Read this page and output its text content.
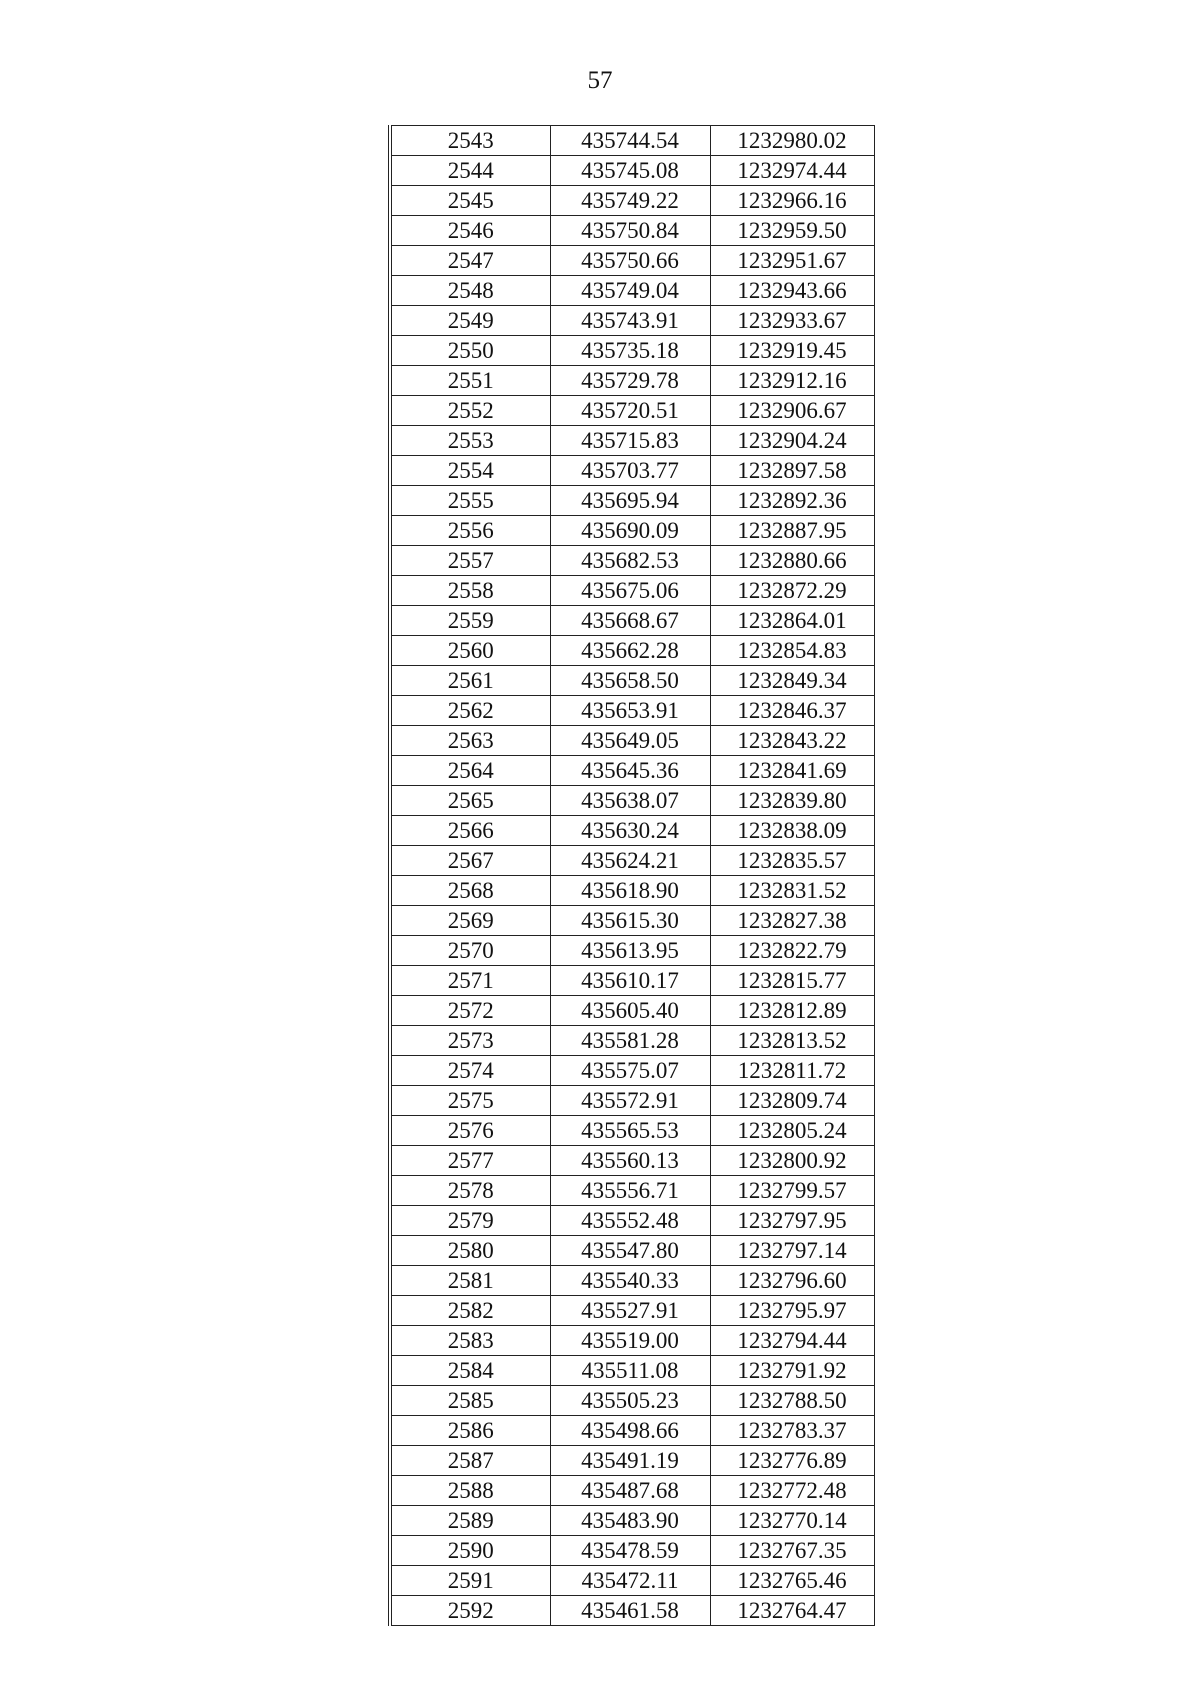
57
2543	435744.54	1232980.02
2544	435745.08	1232974.44
2545	435749.22	1232966.16
2546	435750.84	1232959.50
2547	435750.66	1232951.67
2548	435749.04	1232943.66
2549	435743.91	1232933.67
2550	435735.18	1232919.45
2551	435729.78	1232912.16
2552	435720.51	1232906.67
2553	435715.83	1232904.24
2554	435703.77	1232897.58
2555	435695.94	1232892.36
2556	435690.09	1232887.95
2557	435682.53	1232880.66
2558	435675.06	1232872.29
2559	435668.67	1232864.01
2560	435662.28	1232854.83
2561	435658.50	1232849.34
2562	435653.91	1232846.37
2563	435649.05	1232843.22
2564	435645.36	1232841.69
2565	435638.07	1232839.80
2566	435630.24	1232838.09
2567	435624.21	1232835.57
2568	435618.90	1232831.52
2569	435615.30	1232827.38
2570	435613.95	1232822.79
2571	435610.17	1232815.77
2572	435605.40	1232812.89
2573	435581.28	1232813.52
2574	435575.07	1232811.72
2575	435572.91	1232809.74
2576	435565.53	1232805.24
2577	435560.13	1232800.92
2578	435556.71	1232799.57
2579	435552.48	1232797.95
2580	435547.80	1232797.14
2581	435540.33	1232796.60
2582	435527.91	1232795.97
2583	435519.00	1232794.44
2584	435511.08	1232791.92
2585	435505.23	1232788.50
2586	435498.66	1232783.37
2587	435491.19	1232776.89
2588	435487.68	1232772.48
2589	435483.90	1232770.14
2590	435478.59	1232767.35
2591	435472.11	1232765.46
2592	435461.58	1232764.47
